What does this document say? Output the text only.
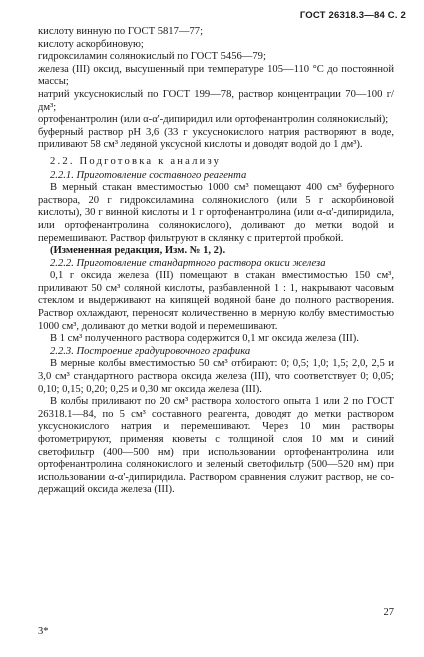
ГОСТ 26318.3—84 С. 2

кислоту винную по ГОСТ 5817—77;

кислоту аскорбиновую;

гидроксиламин солянокислый по ГОСТ 5456—79;

железа (III) оксид, высушенный при температуре 105—110 °С до постоянной массы;

натрий уксуснокислый по ГОСТ 199—78, раствор концентрации 70—100 г/дм³;

ортофенантролин (или α-α'-дипиридил или ортофенантролин солянокислый);

буферный раствор pH 3,6 (33 г уксуснокислого натрия растворяют в воде, приливают 58 см³ ледяной уксусной кислоты и доводят водой до 1 дм³).

2.2. Подготовка к анализу

2.2.1. Приготовление составного реагента

В мерный стакан вместимостью 1000 см³ помещают 400 см³ буферного раствора, 20 г гидроксиламина солянокислого (или 5 г аскорбиновой кислоты), 30 г винной кислоты и 1 г ортофенантролина (или α-α'-дипиридила, или ортофенантролина солянокислого), доливают до метки водой и перемешивают. Раствор фильтруют в склянку с притертой пробкой.

(Измененная редакция, Изм. № 1, 2).

2.2.2. Приготовление стандартного раствора окиси железа

0,1 г оксида железа (III) помещают в стакан вместимостью 150 см³, приливают 50 см³ соляной кислоты, разбавленной 1 : 1, накрывают часовым стеклом и выдерживают на кипящей водяной бане до полного растворения. Раствор охлаждают, переносят количественно в мерную колбу вместимостью 1000 см³, доливают до метки водой и перемешивают.

В 1 см³ полученного раствора содержится 0,1 мг оксида железа (III).

2.2.3. Построение градуировочного графика

В мерные колбы вместимостью 50 см³ отбирают: 0; 0,5; 1,0; 1,5; 2,0, 2,5 и 3,0 см³ стандартного раствора оксида железа (III), что соответствует 0; 0,05; 0,10; 0,15; 0,20; 0,25 и 0,30 мг оксида железа (III).

В колбы приливают по 20 см³ раствора холостого опыта 1 или 2 по ГОСТ 26318.1—84, по 5 см³ составного реагента, доводят до метки раствором уксуснокислого натрия и перемешивают. Через 10 мин растворы фотометрируют, применяя кюветы с толщиной слоя 10 мм и синий светофильтр (400—500 нм) при использовании ортофенантролина или ортофенантролина солянокислого и зеленый светофильтр (500—520 нм) при использовании α-α'-дипиридила. Раствором сравнения служит раствор, не содержащий оксида железа (III).

27
3*
